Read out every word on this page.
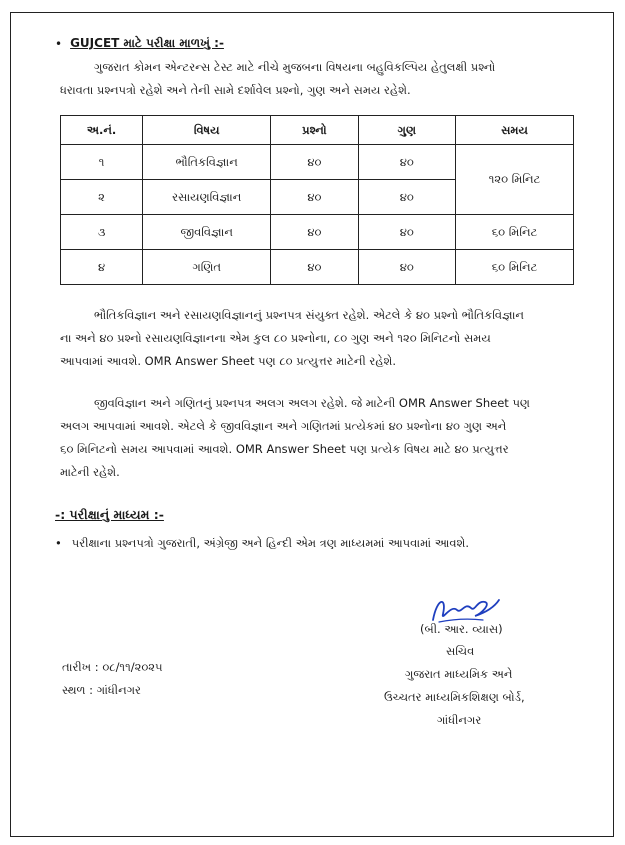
• GUJCET માટે પરીક્ષા માળખું :-
ગુજરાત કોમન એન્ટરન્સ ટેસ્ટ માટે નીચે મુજબના વિષયના બહુવિકલ્પિય હેતુલક્ષી પ્રશ્નો
ધરાવતા પ્રશ્નપત્રો રહેશે અને તેની સામે દર્શાવેલ પ્રશ્નો, ગુણ અને સમય રહેશે.
અ.નં.	વિષય	પ્રશ્નો	ગુણ	સમય
૧	ભૌતિકવિજ્ઞાન	૪૦	૪૦	૧૨૦ મિનિટ
૨	રસાયણવિજ્ઞાન	૪૦	૪૦	
૩	જીવવિજ્ઞાન	૪૦	૪૦	૬૦ મિનિટ
૪	ગણિત	૪૦	૪૦	૬૦ મિનિટ
ભૌતિકવિજ્ઞાન અને રસાયણવિજ્ઞાનનું પ્રશ્નપત્ર સંયુક્ત રહેશે. એટલે કે ૪૦ પ્રશ્નો ભૌતિકવિજ્ઞાન
ના અને ૪૦ પ્રશ્નો રસાયણવિજ્ઞાનના એમ કુલ ૮૦ પ્રશ્નોના, ૮૦ ગુણ અને ૧૨૦ મિનિટનો સમય
આપવામાં આવશે. OMR Answer Sheet પણ ૮૦ પ્રત્યુત્તર માટેની રહેશે.
જીવવિજ્ઞાન અને ગણિતનું પ્રશ્નપત્ર અલગ અલગ રહેશે. જે માટેની OMR Answer Sheet પણ
અલગ આપવામાં આવશે. એટલે કે જીવવિજ્ઞાન અને ગણિતમાં પ્રત્યેકમાં ૪૦ પ્રશ્નોના ૪૦ ગુણ અને
૬૦ મિનિટનો સમય આપવામાં આવશે. OMR Answer Sheet પણ પ્રત્યેક વિષય માટે ૪૦ પ્રત્યુત્તર
માટેની રહેશે.
-: પરીક્ષાનું માધ્યમ :-
• પરીક્ષાના પ્રશ્નપત્રો ગુજરાતી, અંગ્રેજી અને હિન્દી એમ ત્રણ માધ્યમમાં આપવામાં આવશે.
(બી. આર. વ્યાસ)
સચિવ
ગુજરાત માધ્યમિક અને
ઉચ્ચતર માધ્યમિકશિક્ષણ બોર્ડ,
ગાંધીનગર
તારીખ : ૦૮/૧૧/૨૦૨૫
સ્થળ : ગાંધીનગર
